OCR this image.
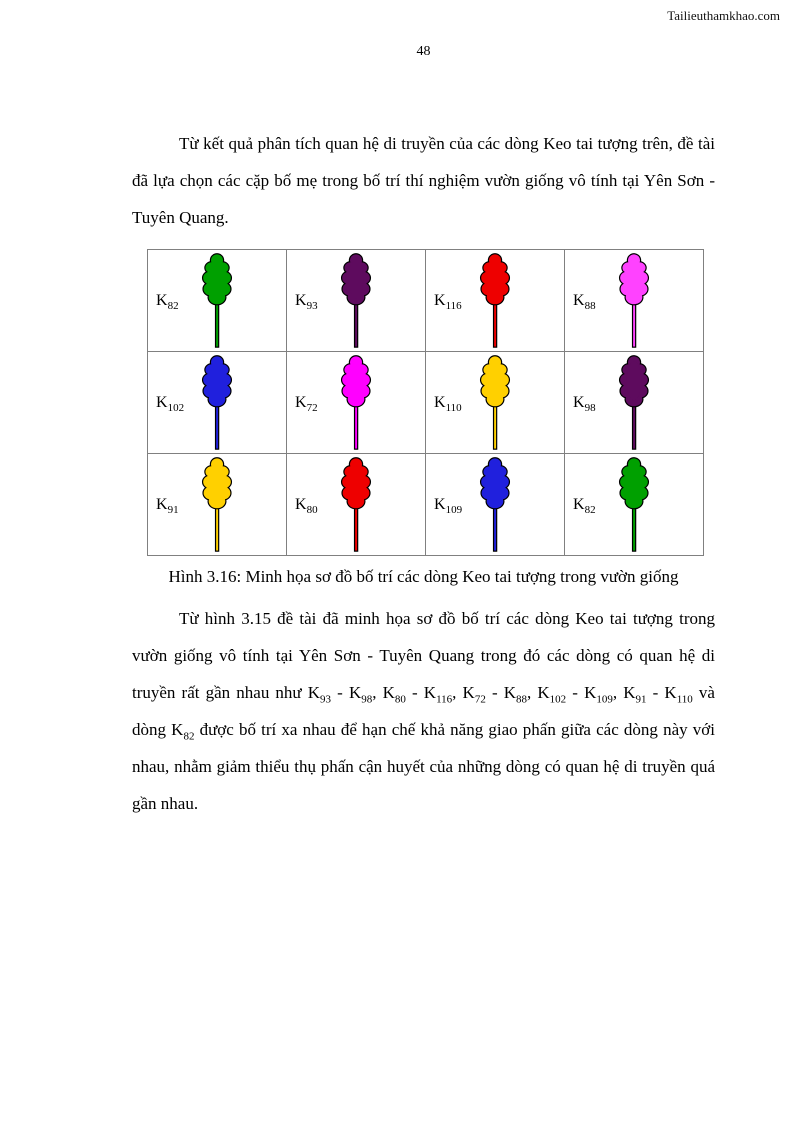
Tailieuthamkhao.com
48

Từ kết quả phân tích quan hệ di truyền của các dòng Keo tai tượng trên, đề tài đã lựa chọn các cặp bố mẹ trong bố trí thí nghiệm vườn giống vô tính tại Yên Sơn - Tuyên Quang.

$K_{82}$	$K_{93}$	$K_{116}$	$K_{88}$
$K_{102}$	$K_{72}$	$K_{110}$	$K_{98}$
$K_{91}$	$K_{80}$	$K_{109}$	$K_{82}$
Hình 3.16: Minh họa sơ đồ bố trí các dòng Keo tai tượng trong vườn giống

Từ hình 3.15 đề tài đã minh họa sơ đồ bố trí các dòng Keo tai tượng trong vườn giống vô tính tại Yên Sơn - Tuyên Quang trong đó các dòng có quan hệ di truyền rất gần nhau như $K_{93} - K_{98}$, $K_{80} - K_{116}$, $K_{72} - K_{88}$, $K_{102} - K_{109}$, $K_{91} - K_{110}$ và dòng $K_{82}$ được bố trí xa nhau để hạn chế khả năng giao phấn giữa các dòng này với nhau, nhằm giảm thiểu thụ phấn cận huyết của những dòng có quan hệ di truyền quá gần nhau.
